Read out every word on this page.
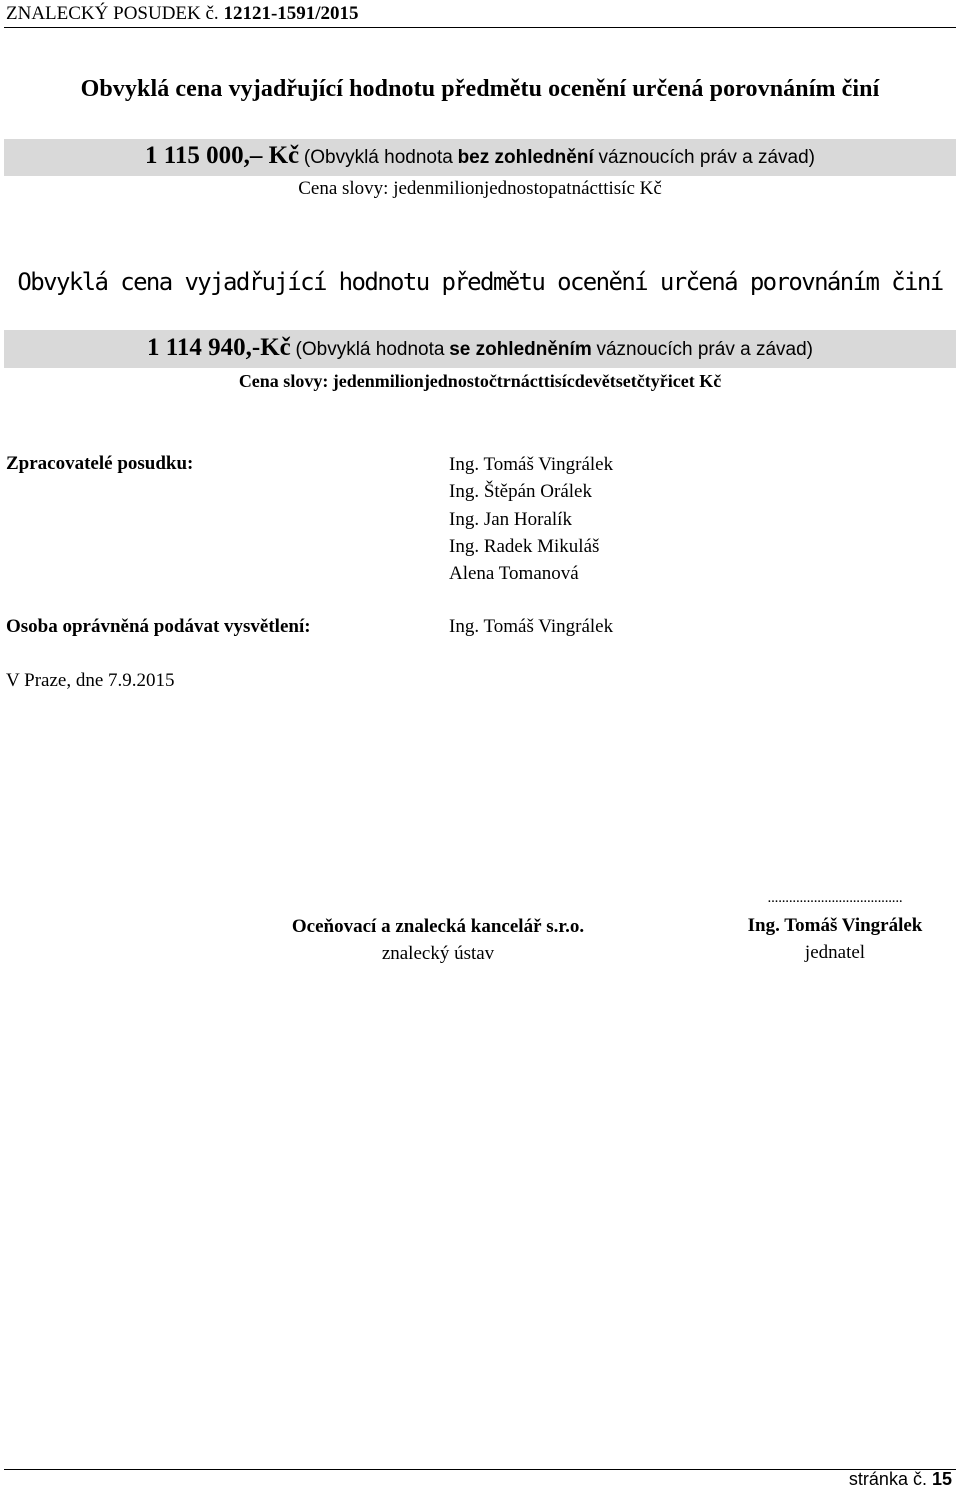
ZNALECKÝ POSUDEK č. 12121-1591/2015
Obvyklá cena vyjadřující hodnotu předmětu ocenění určená porovnáním činí
1 115 000,– Kč (Obvyklá hodnota bez zohlednění váznoucích práv a závad)
Cena slovy: jedenmilionjednostopatnácttisíc Kč
Obvyklá cena vyjadřující hodnotu předmětu ocenění určená porovnáním činí
1 114 940,-Kč (Obvyklá hodnota se zohledněním váznoucích práv a závad)
Cena slovy: jedenmilionjednostočtrnácttisícdevětsetčtyřicet Kč
Zpracovatelé posudku:	Ing. Tomáš Vingrálek
Ing. Štěpán Orálek
Ing. Jan Horalík
Ing. Radek Mikuláš
Alena Tomanová
Osoba oprávněná podávat vysvětlení:	Ing. Tomáš Vingrálek
V Praze, dne 7.9.2015
Oceňovací a znalecká kancelář s.r.o.
znalecký ústav
......................................
Ing. Tomáš Vingrálek
jednatel
stránka č. 15
